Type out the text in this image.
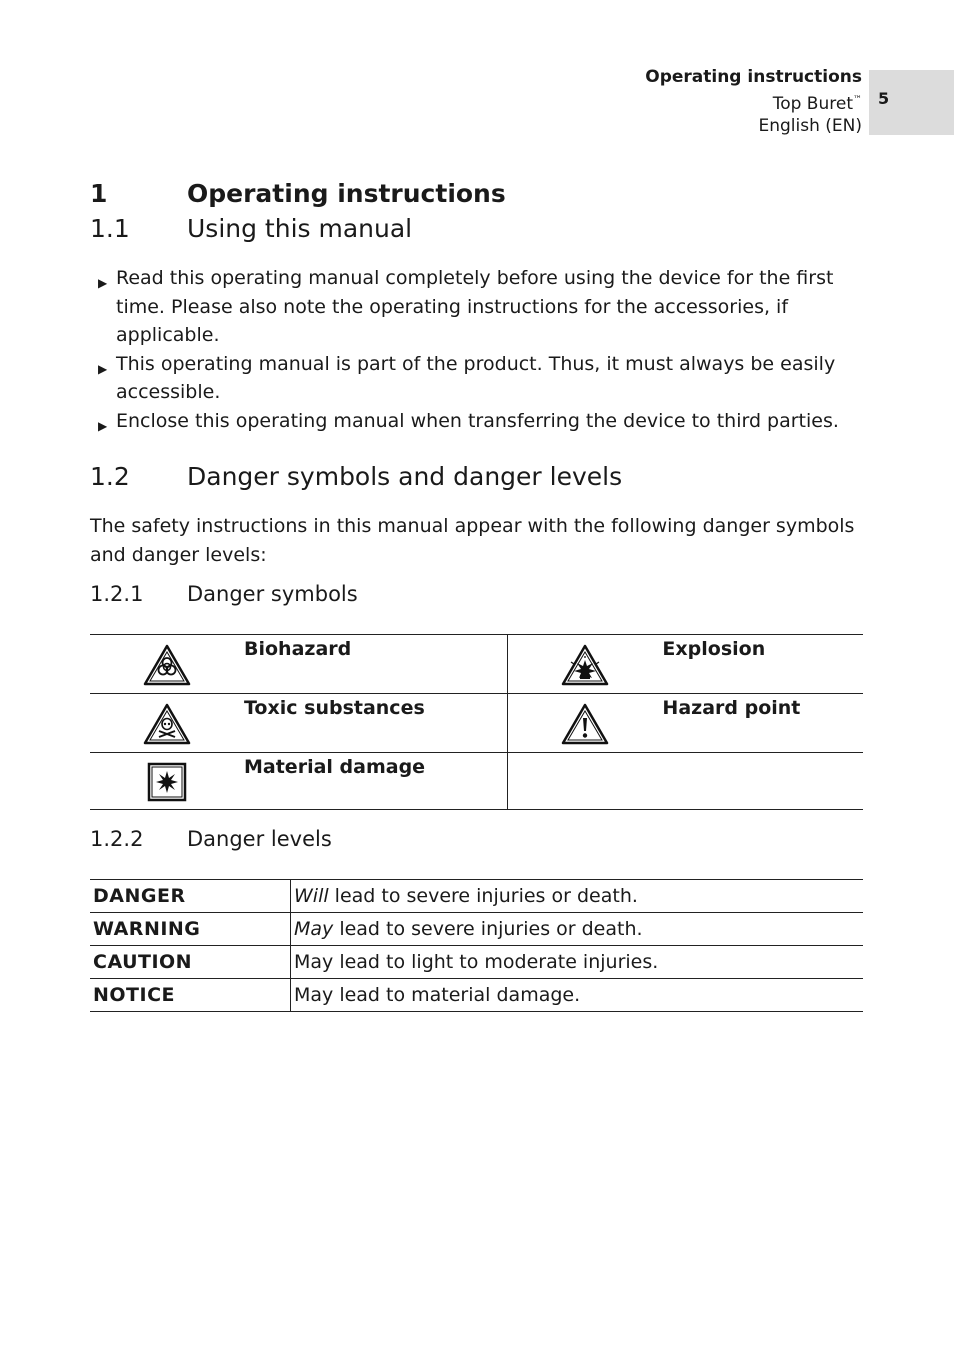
Operating instructions
Top Buret™
English (EN)
5
1	Operating instructions
1.1	Using this manual
▶ Read this operating manual completely before using the device for the first time. Please also note the operating instructions for the accessories, if applicable.
▶ This operating manual is part of the product. Thus, it must always be easily accessible.
▶ Enclose this operating manual when transferring the device to third parties.
1.2	Danger symbols and danger levels
The safety instructions in this manual appear with the following danger symbols and danger levels:
1.2.1	Danger symbols
	Biohazard		Explosion
	Toxic substances		Hazard point
	Material damage		
1.2.2	Danger levels
DANGER	Will lead to severe injuries or death.
WARNING	May lead to severe injuries or death.
CAUTION	May lead to light to moderate injuries.
NOTICE	May lead to material damage.
